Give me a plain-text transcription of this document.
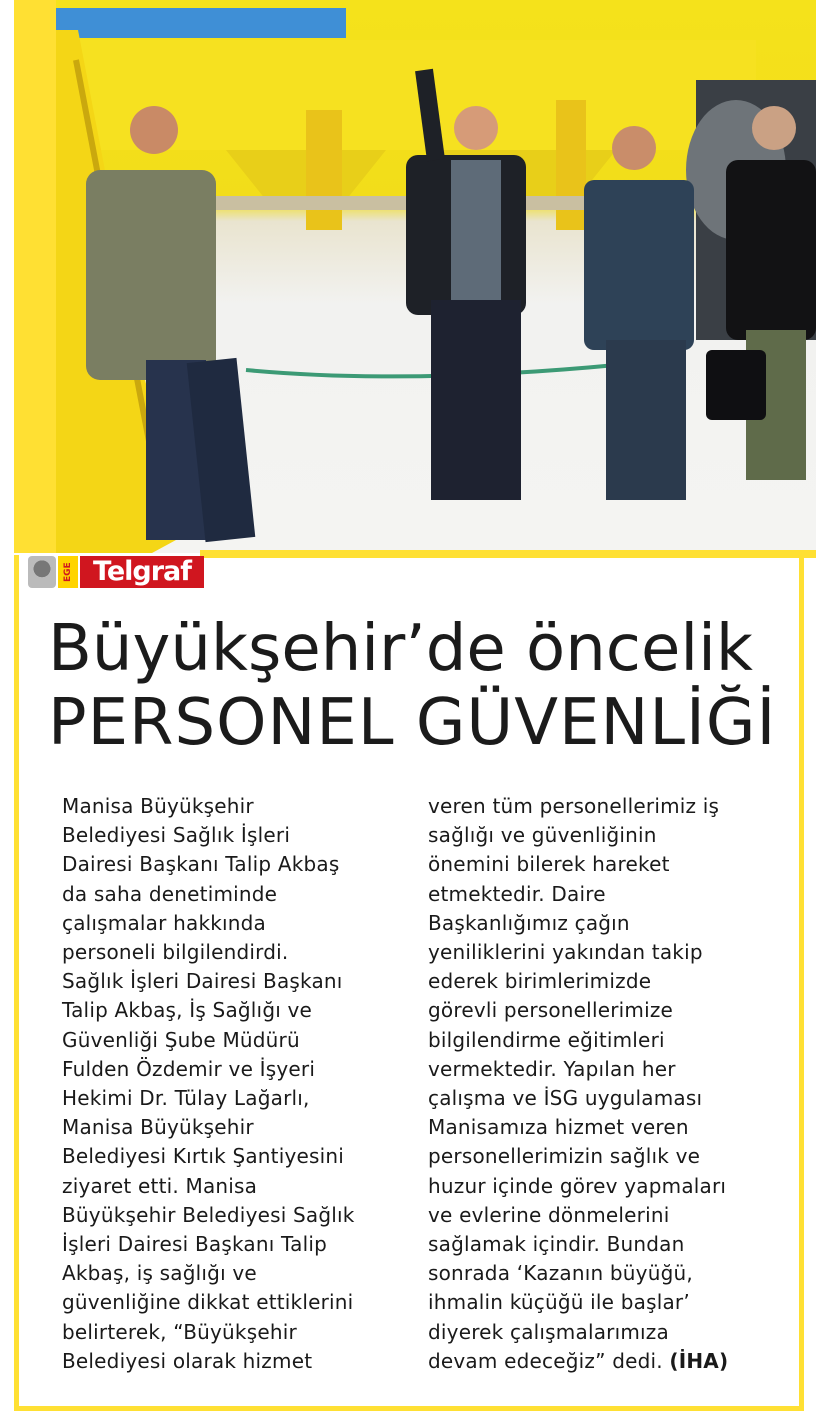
EGE Telgraf
Büyükşehir’de öncelik
PERSONEL GÜVENLİĞİ
Manisa Büyükşehir
Belediyesi Sağlık İşleri
Dairesi Başkanı Talip Akbaş
da saha denetiminde
çalışmalar hakkında
personeli bilgilendirdi.
Sağlık İşleri Dairesi Başkanı
Talip Akbaş, İş Sağlığı ve
Güvenliği Şube Müdürü
Fulden Özdemir ve İşyeri
Hekimi Dr. Tülay Lağarlı,
Manisa Büyükşehir
Belediyesi Kırtık Şantiyesini
ziyaret etti. Manisa
Büyükşehir Belediyesi Sağlık
İşleri Dairesi Başkanı Talip
Akbaş, iş sağlığı ve
güvenliğine dikkat ettiklerini
belirterek, “Büyükşehir
Belediyesi olarak hizmet
veren tüm personellerimiz iş
sağlığı ve güvenliğinin
önemini bilerek hareket
etmektedir. Daire
Başkanlığımız çağın
yeniliklerini yakından takip
ederek birimlerimizde
görevli personellerimize
bilgilendirme eğitimleri
vermektedir. Yapılan her
çalışma ve İSG uygulaması
Manisamıza hizmet veren
personellerimizin sağlık ve
huzur içinde görev yapmaları
ve evlerine dönmelerini
sağlamak içindir. Bundan
sonrada ‘Kazanın büyüğü,
ihmalin küçüğü ile başlar’
diyerek çalışmalarımıza
devam edeceğiz” dedi. (İHA)
